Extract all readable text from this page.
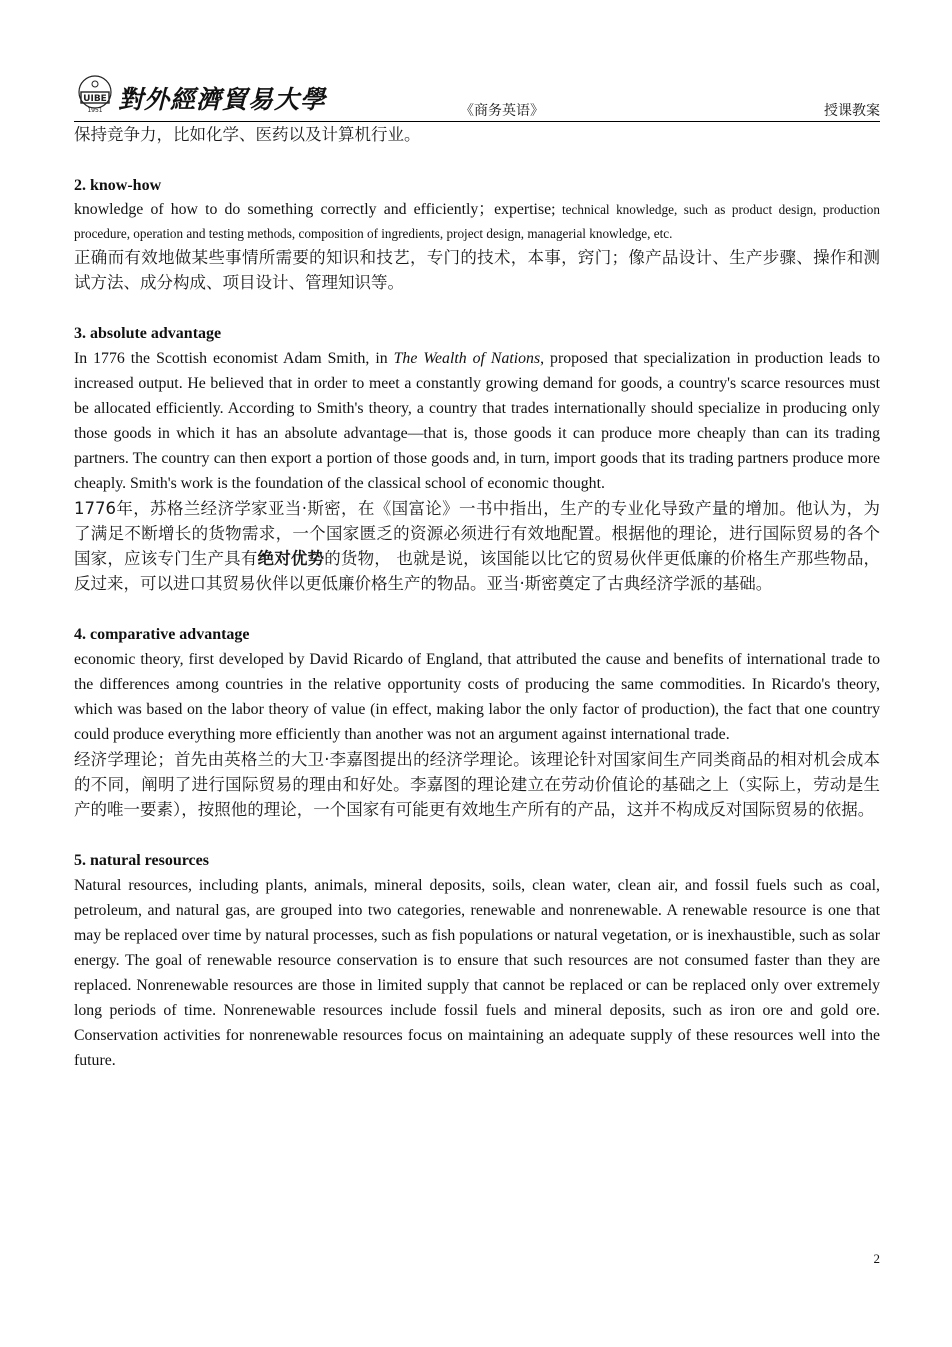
UIBE
1951 對外經濟貿易大學	《商务英语》	授课教案

保持竞争力，比如化学、医药以及计算机行业。

2. know-how

knowledge of how to do something correctly and efficiently；expertise; technical knowledge, such as product design, production procedure, operation and testing methods, composition of ingredients, project design, managerial knowledge, etc.

正确而有效地做某些事情所需要的知识和技艺，专门的技术，本事，窍门；像产品设计、生产步骤、操作和测试方法、成分构成、项目设计、管理知识等。

3. absolute advantage

In 1776 the Scottish economist Adam Smith, in The Wealth of Nations, proposed that specialization in production leads to increased output. He believed that in order to meet a constantly growing demand for goods, a country's scarce resources must be allocated efficiently. According to Smith's theory, a country that trades internationally should specialize in producing only those goods in which it has an absolute advantage—that is, those goods it can produce more cheaply than can its trading partners. The country can then export a portion of those goods and, in turn, import goods that its trading partners produce more cheaply. Smith's work is the foundation of the classical school of economic thought.

1776年，苏格兰经济学家亚当·斯密，在《国富论》一书中指出，生产的专业化导致产量的增加。他认为，为了满足不断增长的货物需求，一个国家匮乏的资源必须进行有效地配置。根据他的理论，进行国际贸易的各个国家，应该专门生产具有绝对优势的货物， 也就是说，该国能以比它的贸易伙伴更低廉的价格生产那些物品，反过来，可以进口其贸易伙伴以更低廉价格生产的物品。亚当·斯密奠定了古典经济学派的基础。

4. comparative advantage

economic theory, first developed by David Ricardo of England, that attributed the cause and benefits of international trade to the differences among countries in the relative opportunity costs of producing the same commodities. In Ricardo's theory, which was based on the labor theory of value (in effect, making labor the only factor of production), the fact that one country could produce everything more efficiently than another was not an argument against international trade.

经济学理论；首先由英格兰的大卫·李嘉图提出的经济学理论。该理论针对国家间生产同类商品的相对机会成本的不同，阐明了进行国际贸易的理由和好处。李嘉图的理论建立在劳动价值论的基础之上（实际上，劳动是生产的唯一要素），按照他的理论，一个国家有可能更有效地生产所有的产品，这并不构成反对国际贸易的依据。

5. natural resources

Natural resources, including plants, animals, mineral deposits, soils, clean water, clean air, and fossil fuels such as coal, petroleum, and natural gas, are grouped into two categories, renewable and nonrenewable. A renewable resource is one that may be replaced over time by natural processes, such as fish populations or natural vegetation, or is inexhaustible, such as solar energy. The goal of renewable resource conservation is to ensure that such resources are not consumed faster than they are replaced. Nonrenewable resources are those in limited supply that cannot be replaced or can be replaced only over extremely long periods of time. Nonrenewable resources include fossil fuels and mineral deposits, such as iron ore and gold ore. Conservation activities for nonrenewable resources focus on maintaining an adequate supply of these resources well into the future.

2
